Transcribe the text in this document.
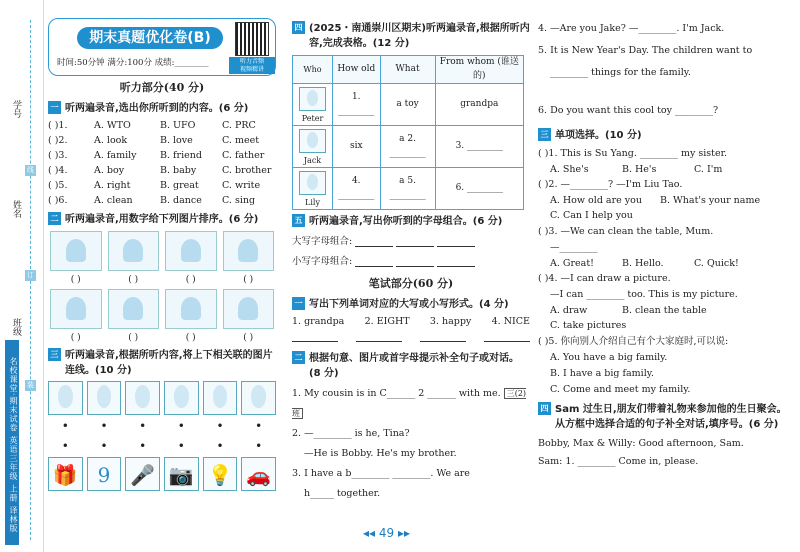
学号
姓名
班级
线
订
装
名校课堂·期末试卷 英语三年级 上册 译林版
期末真题优化卷(B)
时间:50分钟 满分:100分 成绩:________	听力音频
视频精讲
听力部分(40 分)
一 听两遍录音,选出你所听到的内容。(6 分)
( )1.	A. WTO	B. UFO	C. PRC
( )2.	A. look	B. love	C. meet
( )3.	A. family	B. friend	C. father
( )4.	A. boy	B. baby	C. brother
( )5.	A. right	B. great	C. write
( )6.	A. clean	B. dance	C. sing
二 听两遍录音,用数字给下列图片排序。(6 分)
( )	( )	( )	( )
( )	( )	( )	( )
三 听两遍录音,根据所听内容,将上下相关联的图片连线。(10 分)
•	•	•	•	•	•
•	•	•	•	•	•
🎁 9 🎤 📷 💡 🚗
四 (2025・南通崇川区期末)听两遍录音,根据所听内容,完成表格。(12 分)
Who	How old	What	From whom (谁送的)

Peter	1. ________	a toy	grandpa

Jack	six	a 2. ________	3. ________

Lily	4. ________	a 5. ________	6. ________
五 听两遍录音,写出你听到的字母组合。(6 分)
大写字母组合:

小写字母组合:

笔试部分(60 分)
一 写出下列单词对应的大写或小写形式。(4 分)
1. grandpa 2. EIGHT 3. happy 4. NICE
二 根据句意、图片或首字母提示补全句子或对话。(8 分)
1. My cousin is in C______ 2 ______ with me. 三(2)班
2. —________ is he, Tina?
—He is Bobby. He's my brother.
3. I have a b________ ________. We are
h_____ together.
4. —Are you Jake? —________. I'm Jack.
5. It is New Year's Day. The children want to
________ things for the family.
6. Do you want this cool toy ________?
三 单项选择。(10 分)
( )1. This is Su Yang. ________ my sister.
A. She's	B. He's	C. I'm
( )2. —________? —I'm Liu Tao.
A. How old are you	B. What's your name
C. Can I help you
( )3. —We can clean the table, Mum.
—________
A. Great!	B. Hello.	C. Quick!
( )4. —I can draw a picture.
—I can ________ too. This is my picture.
A. draw	B. clean the table
C. take pictures
( )5. 你向别人介绍自己有个大家庭时,可以说:
A. You have a big family.
B. I have a big family.
C. Come and meet my family.
四 Sam 过生日,朋友们带着礼物来参加他的生日聚会。从方框中选择合适的句子补全对话,填序号。(6 分)
Bobby, Max & Willy: Good afternoon, Sam.
Sam: 1. ________ Come in, please.
◂◂ 49 ▸▸
